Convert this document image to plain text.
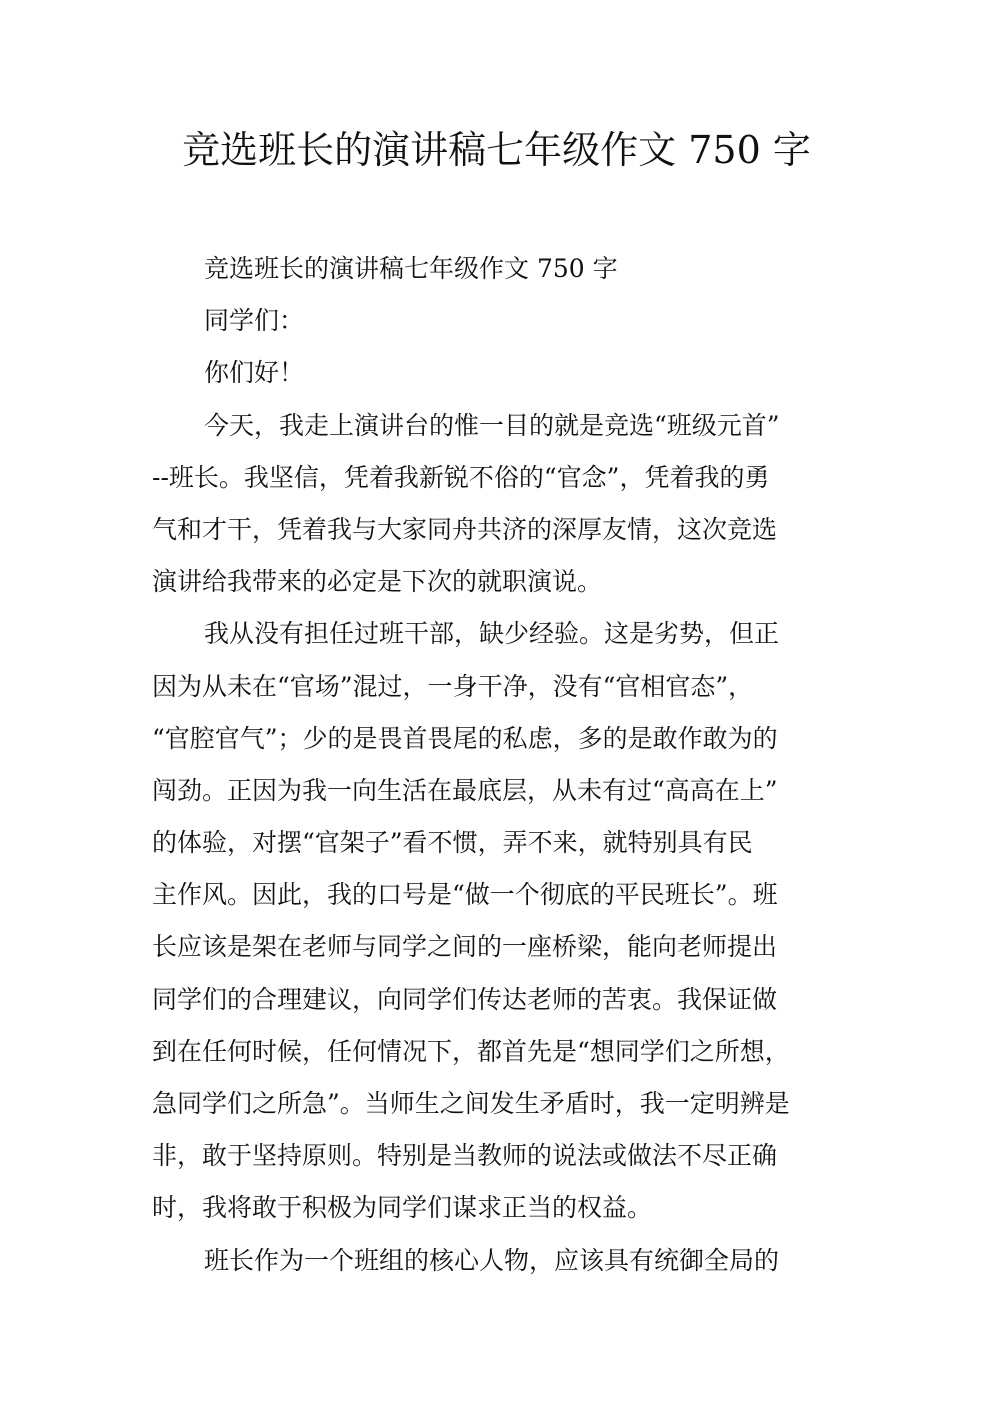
竞选班长的演讲稿七年级作文 750 字
竞选班长的演讲稿七年级作文 750 字
同学们：
你们好！
今天，我走上演讲台的惟一目的就是竞选“班级元首”
--班长。我坚信，凭着我新锐不俗的“官念”，凭着我的勇
气和才干，凭着我与大家同舟共济的深厚友情，这次竞选
演讲给我带来的必定是下次的就职演说。
我从没有担任过班干部，缺少经验。这是劣势，但正
因为从未在“官场”混过，一身干净，没有“官相官态”，
“官腔官气”；少的是畏首畏尾的私虑，多的是敢作敢为的
闯劲。正因为我一向生活在最底层，从未有过“高高在上”
的体验，对摆“官架子”看不惯，弄不来，就特别具有民
主作风。因此，我的口号是“做一个彻底的平民班长”。班
长应该是架在老师与同学之间的一座桥梁，能向老师提出
同学们的合理建议，向同学们传达老师的苦衷。我保证做
到在任何时候，任何情况下，都首先是“想同学们之所想，
急同学们之所急”。当师生之间发生矛盾时，我一定明辨是
非，敢于坚持原则。特别是当教师的说法或做法不尽正确
时，我将敢于积极为同学们谋求正当的权益。
班长作为一个班组的核心人物，应该具有统御全局的
